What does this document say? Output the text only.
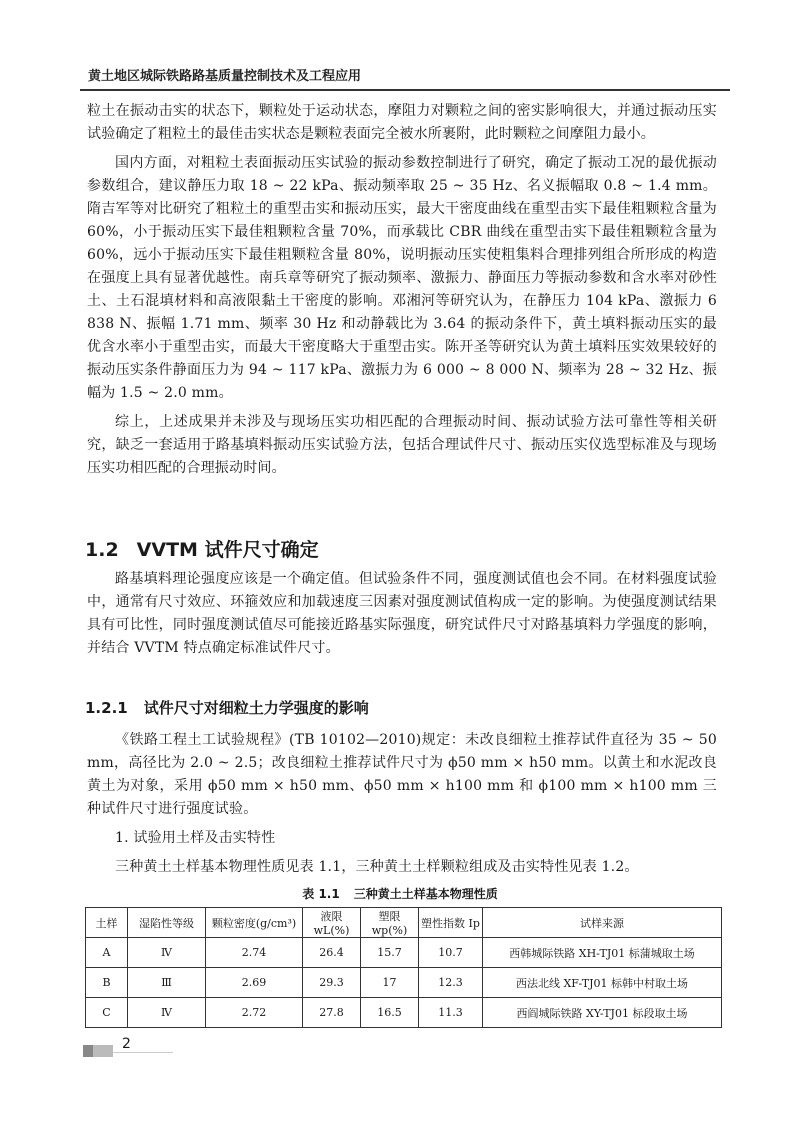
黄土地区城际铁路路基质量控制技术及工程应用

粒土在振动击实的状态下，颗粒处于运动状态，摩阻力对颗粒之间的密实影响很大，并通过振动压实试验确定了粗粒土的最佳击实状态是颗粒表面完全被水所裹附，此时颗粒之间摩阻力最小。

国内方面，对粗粒土表面振动压实试验的振动参数控制进行了研究，确定了振动工况的最优振动参数组合，建议静压力取 18 ~ 22 kPa、振动频率取 25 ~ 35 Hz、名义振幅取 0.8 ~ 1.4 mm。隋吉军等对比研究了粗粒土的重型击实和振动压实，最大干密度曲线在重型击实下最佳粗颗粒含量为60%，小于振动压实下最佳粗颗粒含量 70%，而承载比 CBR 曲线在重型击实下最佳粗颗粒含量为60%，远小于振动压实下最佳粗颗粒含量 80%，说明振动压实使粗集料合理排列组合所形成的构造在强度上具有显著优越性。南兵章等研究了振动频率、激振力、静面压力等振动参数和含水率对砂性土、土石混填材料和高液限黏土干密度的影响。邓湘河等研究认为，在静压力 104 kPa、激振力 6 838 N、振幅 1.71 mm、频率 30 Hz 和动静载比为 3.64 的振动条件下，黄土填料振动压实的最优含水率小于重型击实，而最大干密度略大于重型击实。陈开圣等研究认为黄土填料压实效果较好的振动压实条件静面压力为 94 ~ 117 kPa、激振力为 6 000 ~ 8 000 N、频率为 28 ~ 32 Hz、振幅为 1.5 ~ 2.0 mm。

综上，上述成果并未涉及与现场压实功相匹配的合理振动时间、振动试验方法可靠性等相关研究，缺乏一套适用于路基填料振动压实试验方法，包括合理试件尺寸、振动压实仪选型标准及与现场压实功相匹配的合理振动时间。

1.2 VVTM 试件尺寸确定

路基填料理论强度应该是一个确定值。但试验条件不同，强度测试值也会不同。在材料强度试验中，通常有尺寸效应、环箍效应和加载速度三因素对强度测试值构成一定的影响。为使强度测试结果具有可比性，同时强度测试值尽可能接近路基实际强度，研究试件尺寸对路基填料力学强度的影响，并结合 VVTM 特点确定标准试件尺寸。

1.2.1 试件尺寸对细粒土力学强度的影响

《铁路工程土工试验规程》(TB 10102—2010)规定：未改良细粒土推荐试件直径为 35 ~ 50 mm，高径比为 2.0 ~ 2.5；改良细粒土推荐试件尺寸为 ϕ50 mm × h50 mm。以黄土和水泥改良黄土为对象，采用 ϕ50 mm × h50 mm、ϕ50 mm × h100 mm 和 ϕ100 mm × h100 mm 三种试件尺寸进行强度试验。

1. 试验用土样及击实特性

三种黄土土样基本物理性质见表 1.1，三种黄土土样颗粒组成及击实特性见表 1.2。

表 1.1 三种黄土土样基本物理性质
土样	湿陷性等级	颗粒密度(g/cm³)	液限 wL(%)	塑限 wp(%)	塑性指数 Ip	试样来源
A	Ⅳ	2.74	26.4	15.7	10.7	西韩城际铁路 XH-TJ01 标蒲城取土场
B	Ⅲ	2.69	29.3	17	12.3	西法北线 XF-TJ01 标韩中村取土场
C	Ⅳ	2.72	27.8	16.5	11.3	西阎城际铁路 XY-TJ01 标段取土场
2
